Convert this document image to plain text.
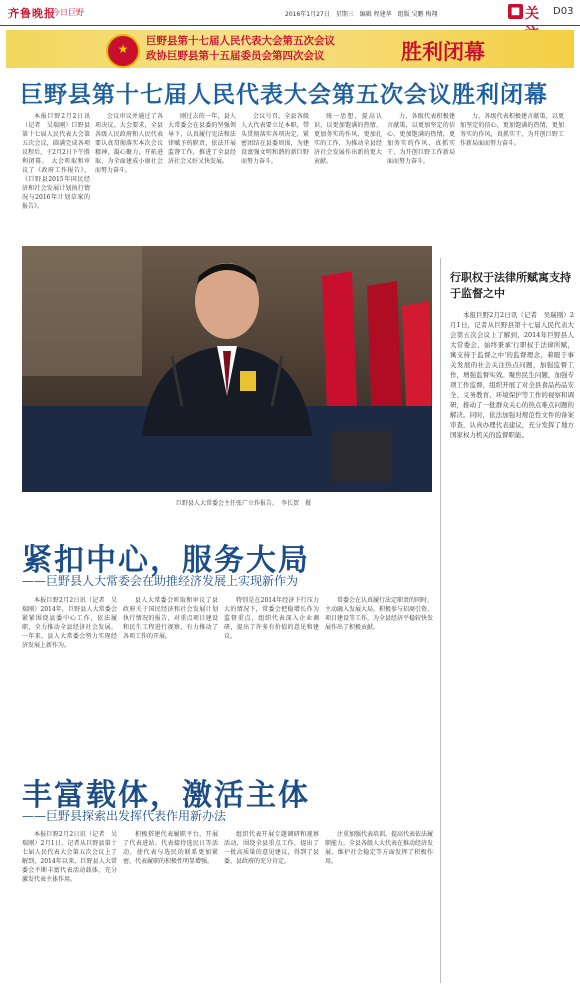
齐鲁晚报
今日巨野	2016年1月27日　星期三　编辑 程建华　组版 吴鹏 梅翔	■ 关	D03
★
巨野县第十七届人民代表大会第五次会议
政协巨野县第十五届委员会第四次会议	胜利闭幕
巨野县第十七届人民代表大会第五次会议胜利闭幕

本报巨野2月2日讯（记者　吴瑞刚）巨野县第十七届人民代表大会第五次会议，圆满完成各项议程后，于2月2日下午胜利闭幕。　大会听取和审议了《政府工作报告》、《巨野县2015年国民经济和社会发展计划执行情况与2016年计划草案的报告》。

会议审议并通过了各项决议。大会要求，全县各级人民政府和人民代表要认真贯彻落实本次会议精神，凝心聚力，开拓进取，为全面建成小康社会而努力奋斗。

刚过去的一年，县人大常委会在县委的坚强领导下，认真履行宪法和法律赋予的职责，依法开展监督工作，推进了全县经济社会又好又快发展。

会议号召，全县各级人大代表要立足本职，带头贯彻落实各项决定，紧密团结在县委周围，为建设富强文明和谐的新巨野而努力奋斗。

统一思想，提高认识，以更加饱满的热情、更加务实的作风、更加扎实的工作，为推动全县经济社会发展作出新的更大贡献。

力，各级代表积极建言献策，以更加坚定的信心，更加饱满的热情，更加务实的作风，真抓实干，为开创巨野工作新局面而努力奋斗。

力，各级代表积极建言献策，以更加坚定的信心，更加饱满的热情，更加务实的作风，真抓实干，为开创巨野工作新局面而努力奋斗。

巨野县人大常委会主任张广立作报告。　李长贺　摄
紧扣中心，服务大局
——巨野县人大常委会在助推经济发展上实现新作为

本报巨野2月2日讯（记者　吴瑞刚）2014年，巨野县人大常委会紧紧围绕县委中心工作，依法履职，全力推动全县经济社会发展。一年来，县人大常委会努力实现经济发展上新作为。

县人大常委会听取和审议了县政府关于国民经济和社会发展计划执行情况的报告，对重点项目建设和民生工程进行视察，有力推动了各项工作的开展。

特别是在2014年经济下行压力大的情况下，常委会把稳增长作为监督重点，组织代表深入企业调研，提出了许多有价值的意见和建议。

常委会在认真履行法定职责的同时，主动融入发展大局，积极参与招商引资、项目建设等工作，为全县经济平稳较快发展作出了积极贡献。

丰富载体，激活主体
——巨野县探索出发挥代表作用新办法

本报巨野2月2日讯（记者　吴瑞刚）2月1日，记者从巨野县第十七届人民代表大会第五次会议上了解到，2014年以来，巨野县人大常委会不断丰富代表活动载体，充分激发代表主体作用。

积极搭建代表履职平台，开展了代表进站、代表接待选民日等活动，使代表与选民的联系更加紧密，代表履职的积极性明显增强。

组织代表开展专题调研和视察活动，围绕全县重点工作，提出了一批高质量的意见建议，得到了县委、县政府的充分肯定。

注重加强代表培训，提高代表依法履职能力，全县各级人大代表在推动经济发展、维护社会稳定等方面发挥了积极作用。

行职权于法律所赋寓支持于监督之中

本报巨野2月2日讯（记者　吴瑞刚）2月1日，记者从巨野县第十七届人民代表大会第五次会议上了解到，2014年巨野县人大常委会，始终秉承'行职权于法律所赋，寓支持于监督之中'的监督理念，着眼于事关发展的社会关注热点问题，加强监督工作，增强监督实效。聚焦民生问题，加强专项工作监督，组织开展了对全县食品药品安全、义务教育、环境保护等工作的视察和调研，推动了一批群众关心的热点难点问题的解决。同时，依法加强对规范性文件的备案审查，认真办理代表建议，充分发挥了地方国家权力机关的监督职能。
